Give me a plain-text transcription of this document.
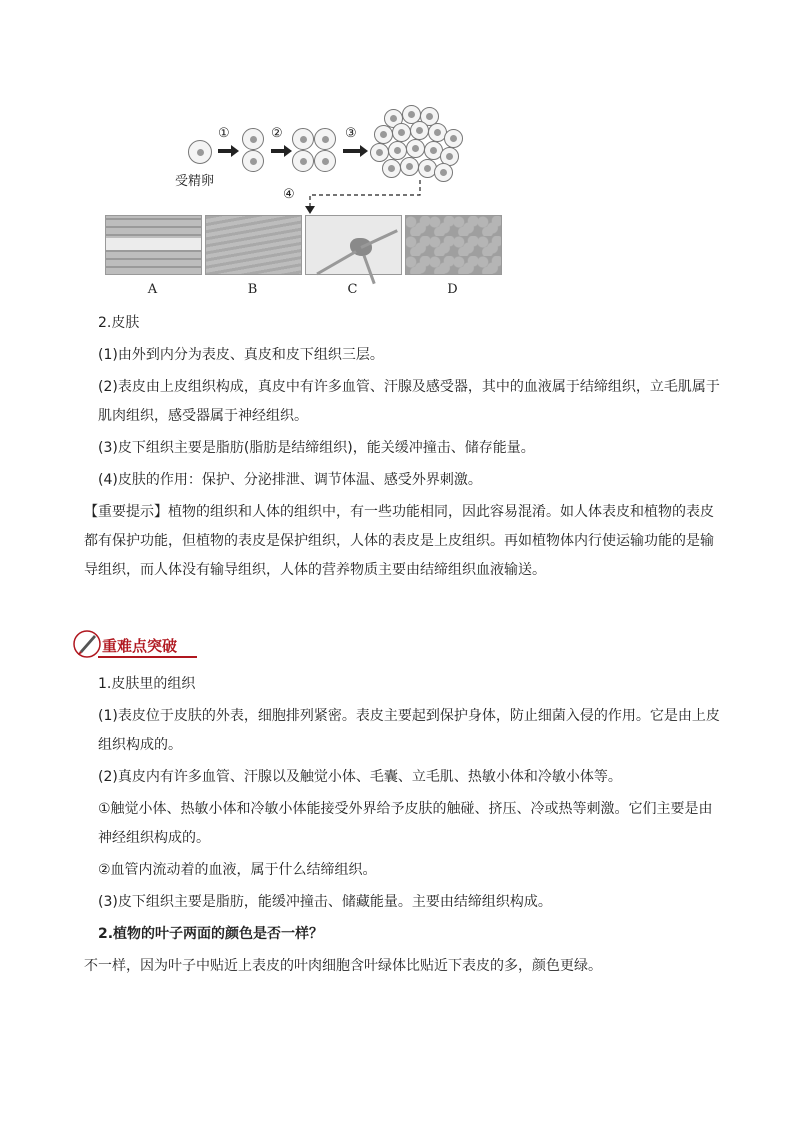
受精卵
①	②	③
④
A	B	C	D

2.皮肤

(1)由外到内分为表皮、真皮和皮下组织三层。

(2)表皮由上皮组织构成，真皮中有许多血管、汗腺及感受器，其中的血液属于结缔组织，立毛肌属于肌肉组织，感受器属于神经组织。

(3)皮下组织主要是脂肪(脂肪是结缔组织)，能关缓冲撞击、储存能量。

(4)皮肤的作用：保护、分泌排泄、调节体温、感受外界刺激。

【重要提示】植物的组织和人体的组织中，有一些功能相同，因此容易混淆。如人体表皮和植物的表皮都有保护功能，但植物的表皮是保护组织，人体的表皮是上皮组织。再如植物体内行使运输功能的是输导组织，而人体没有输导组织，人体的营养物质主要由结缔组织血液输送。

重难点突破

1.皮肤里的组织

(1)表皮位于皮肤的外表，细胞排列紧密。表皮主要起到保护身体，防止细菌入侵的作用。它是由上皮组织构成的。

(2)真皮内有许多血管、汗腺以及触觉小体、毛囊、立毛肌、热敏小体和冷敏小体等。

①触觉小体、热敏小体和冷敏小体能接受外界给予皮肤的触碰、挤压、冷或热等刺激。它们主要是由神经组织构成的。

②血管内流动着的血液，属于什么结缔组织。

(3)皮下组织主要是脂肪，能缓冲撞击、储藏能量。主要由结缔组织构成。

2.植物的叶子两面的颜色是否一样？

不一样，因为叶子中贴近上表皮的叶肉细胞含叶绿体比贴近下表皮的多，颜色更绿。
